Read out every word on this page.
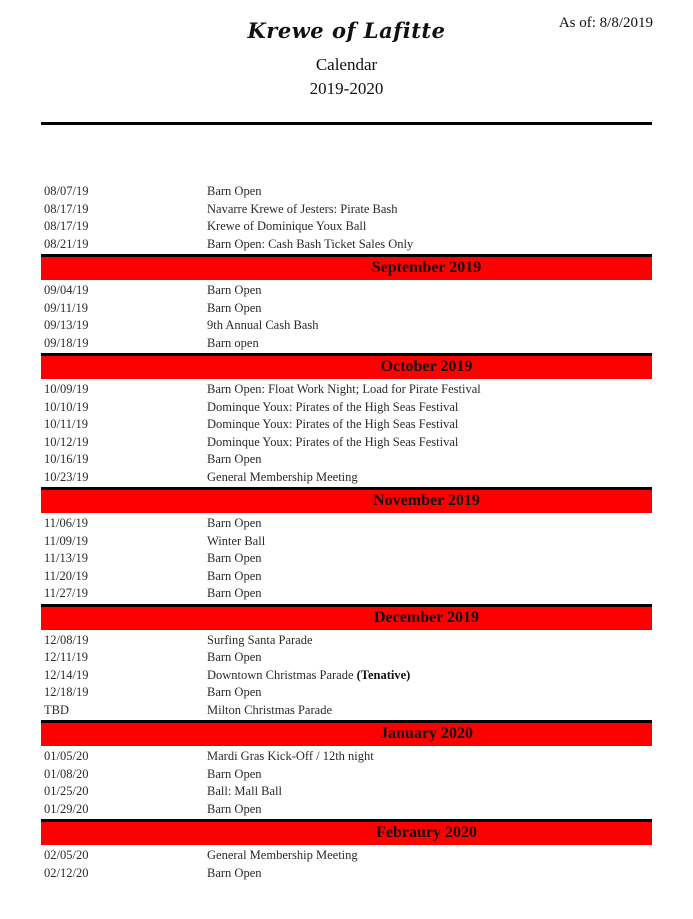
As of: 8/8/2019
Krewe of Lafitte
Calendar
2019-2020
08/07/19	Barn Open
08/17/19	Navarre Krewe of Jesters: Pirate Bash
08/17/19	Krewe of Dominique Youx Ball
08/21/19	Barn Open: Cash Bash Ticket Sales Only
September 2019
09/04/19	Barn Open
09/11/19	Barn Open
09/13/19	9th Annual Cash Bash
09/18/19	Barn open
October 2019
10/09/19	Barn Open: Float Work Night; Load for Pirate Festival
10/10/19	Dominque Youx: Pirates of the High Seas Festival
10/11/19	Dominque Youx: Pirates of the High Seas Festival
10/12/19	Dominque Youx: Pirates of the High Seas Festival
10/16/19	Barn Open
10/23/19	General Membership Meeting
November 2019
11/06/19	Barn Open
11/09/19	Winter Ball
11/13/19	Barn Open
11/20/19	Barn Open
11/27/19	Barn Open
December 2019
12/08/19	Surfing Santa Parade
12/11/19	Barn Open
12/14/19	Downtown Christmas Parade (Tenative)
12/18/19	Barn Open
TBD	Milton Christmas Parade
January 2020
01/05/20	Mardi Gras Kick-Off / 12th night
01/08/20	Barn Open
01/25/20	Ball: Mall Ball
01/29/20	Barn Open
Febraury 2020
02/05/20	General Membership Meeting
02/12/20	Barn Open
